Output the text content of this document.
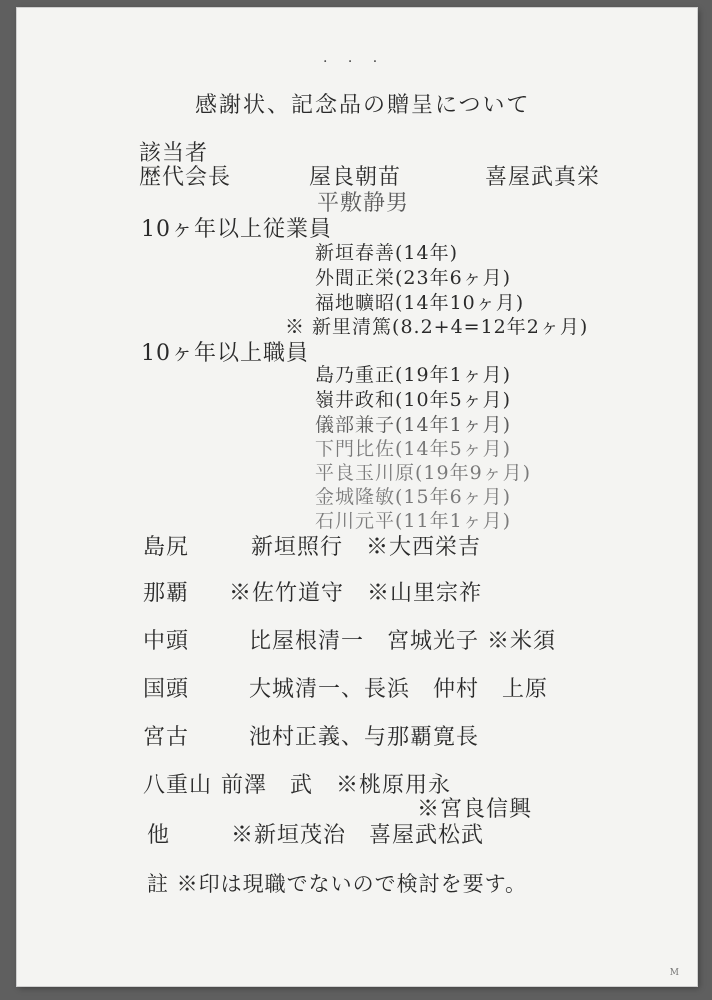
· · ·
感謝状、記念品の贈呈について
該当者
歴代会長	屋良朝苗	喜屋武真栄
平敷静男
10ヶ年以上従業員
新垣春善(14年)
外間正栄(23年6ヶ月)
福地曠昭(14年10ヶ月)
※ 新里清篤(8.2+4=12年2ヶ月)
10ヶ年以上職員
島乃重正(19年1ヶ月)
嶺井政和(10年5ヶ月)
儀部兼子(14年1ヶ月)
下門比佐(14年5ヶ月)
平良玉川原(19年9ヶ月)
金城隆敏(15年6ヶ月)
石川元平(11年1ヶ月)
島尻	新垣照行　※大西栄吉
那覇 ※佐竹道守　※山里宗祚
中頭	比屋根清一　宮城光子 ※米須
国頭	大城清一、長浜　仲村　上原
宮古	池村正義、与那覇寛長
八重山 前澤　武　※桃原用永
※宮良信興
他	※新垣茂治　喜屋武松武
註 ※印は現職でないので検討を要す。
M
